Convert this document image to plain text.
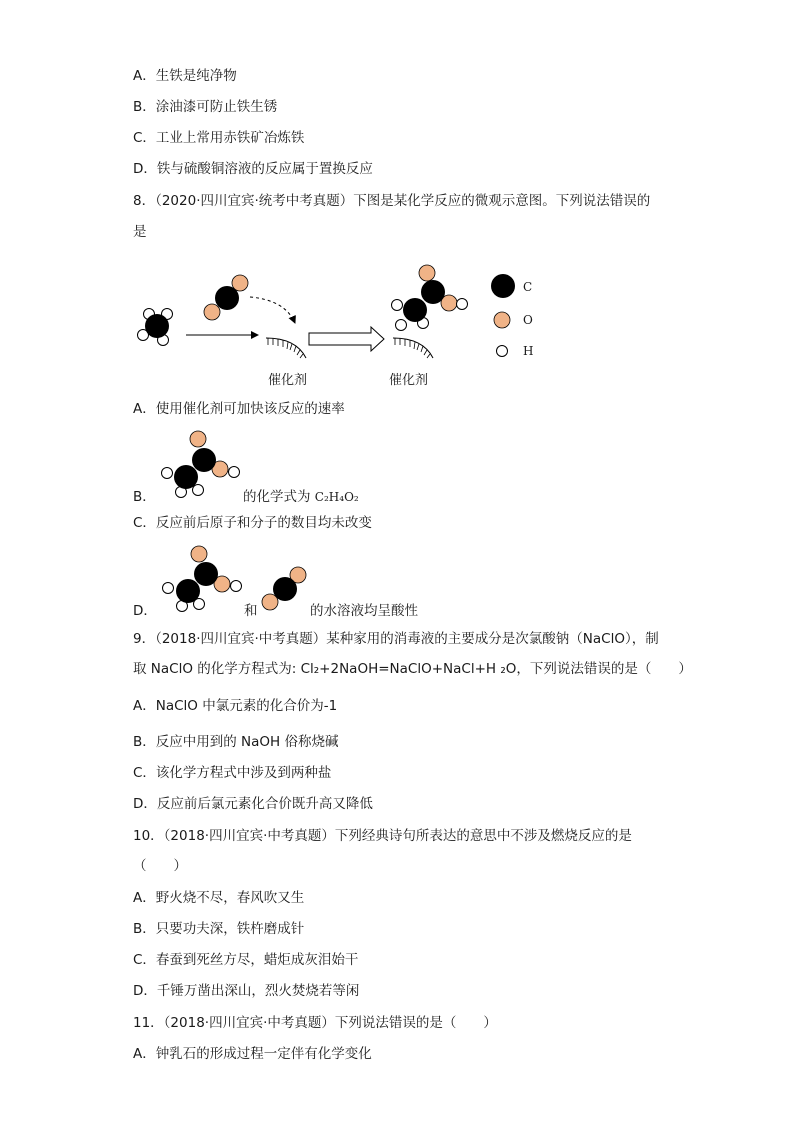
A．生铁是纯净物
B．涂油漆可防止铁生锈
C．工业上常用赤铁矿冶炼铁
D．铁与硫酸铜溶液的反应属于置换反应
8．（2020·四川宜宾·统考中考真题）下图是某化学反应的微观示意图。下列说法错误的
是
催化剂	催化剂
C
O
H
A．使用催化剂可加快该反应的速率
B．	的化学式为 C₂H₄O₂
C．反应前后原子和分子的数目均未改变
D．	和	的水溶液均呈酸性
9．（2018·四川宜宾·中考真题）某种家用的消毒液的主要成分是次氯酸钠（NaClO），制
取 NaClO 的化学方程式为: Cl₂+2NaOH=NaClO+NaCl+H ₂O，下列说法错误的是（　　）
A．NaClO 中氯元素的化合价为-1
B．反应中用到的 NaOH 俗称烧碱
C．该化学方程式中涉及到两种盐
D．反应前后氯元素化合价既升高又降低
10．（2018·四川宜宾·中考真题）下列经典诗句所表达的意思中不涉及燃烧反应的是
（　　）
A．野火烧不尽，春风吹又生
B．只要功夫深，铁杵磨成针
C．春蚕到死丝方尽，蜡炬成灰泪始干
D．千锤万凿出深山，烈火焚烧若等闲
11．（2018·四川宜宾·中考真题）下列说法错误的是（　　）
A．钟乳石的形成过程一定伴有化学变化
